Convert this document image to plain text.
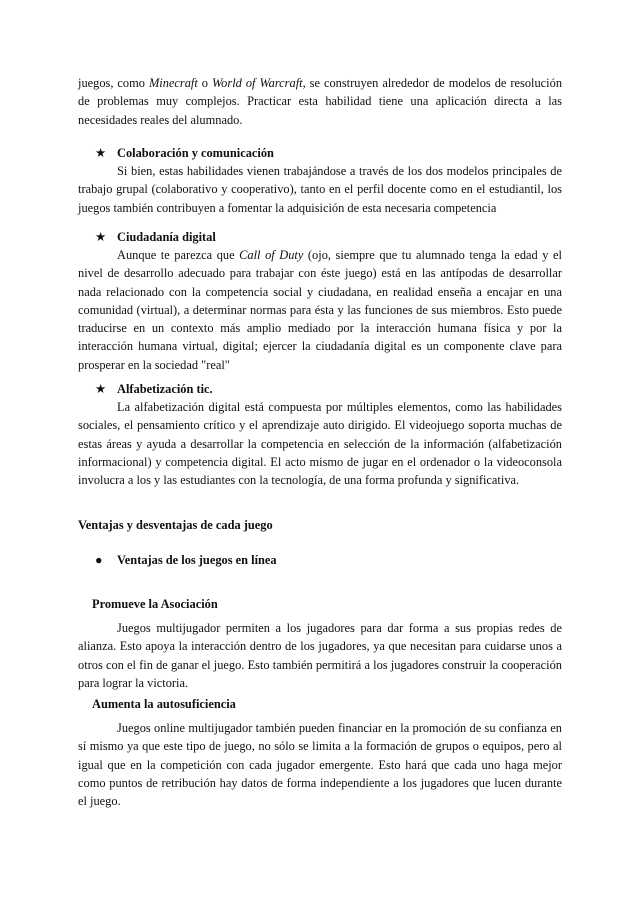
juegos, como Minecraft o World of Warcraft, se construyen alrededor de modelos de resolución de problemas muy complejos. Practicar esta habilidad tiene una aplicación directa a las necesidades reales del alumnado.

★ Colaboración y comunicación

Si bien, estas habilidades vienen trabajándose a través de los dos modelos principales de trabajo grupal (colaborativo y cooperativo), tanto en el perfil docente como en el estudiantil, los juegos también contribuyen a fomentar la adquisición de esta necesaria competencia

★ Ciudadanía digital

Aunque te parezca que Call of Duty (ojo, siempre que tu alumnado tenga la edad y el nivel de desarrollo adecuado para trabajar con éste juego) está en las antípodas de desarrollar nada relacionado con la competencia social y ciudadana, en realidad enseña a encajar en una comunidad (virtual), a determinar normas para ésta y las funciones de sus miembros. Esto puede traducirse en un contexto más amplio mediado por la interacción humana física y por la interacción humana virtual, digital; ejercer la ciudadanía digital es un componente clave para prosperar en la sociedad "real"

★ Alfabetización tic.

La alfabetización digital está compuesta por múltiples elementos, como las habilidades sociales, el pensamiento crítico y el aprendizaje auto dirigido. El videojuego soporta muchas de estas áreas y ayuda a desarrollar la competencia en selección de la información (alfabetización informacional) y competencia digital. El acto mismo de jugar en el ordenador o la videoconsola involucra a los y las estudiantes con la tecnología, de una forma profunda y significativa.

Ventajas y desventajas de cada juego

● Ventajas de los juegos en línea

Promueve la Asociación

Juegos multijugador permiten a los jugadores para dar forma a sus propias redes de alianza. Esto apoya la interacción dentro de los jugadores, ya que necesitan para cuidarse unos a otros con el fin de ganar el juego. Esto también permitirá a los jugadores construir la cooperación para lograr la victoria.

Aumenta la autosuficiencia

Juegos online multijugador también pueden financiar en la promoción de su confianza en sí mismo ya que este tipo de juego, no sólo se limita a la formación de grupos o equipos, pero al igual que en la competición con cada jugador emergente. Esto hará que cada uno haga mejor como puntos de retribución hay datos de forma independiente a los jugadores que lucen durante el juego.
